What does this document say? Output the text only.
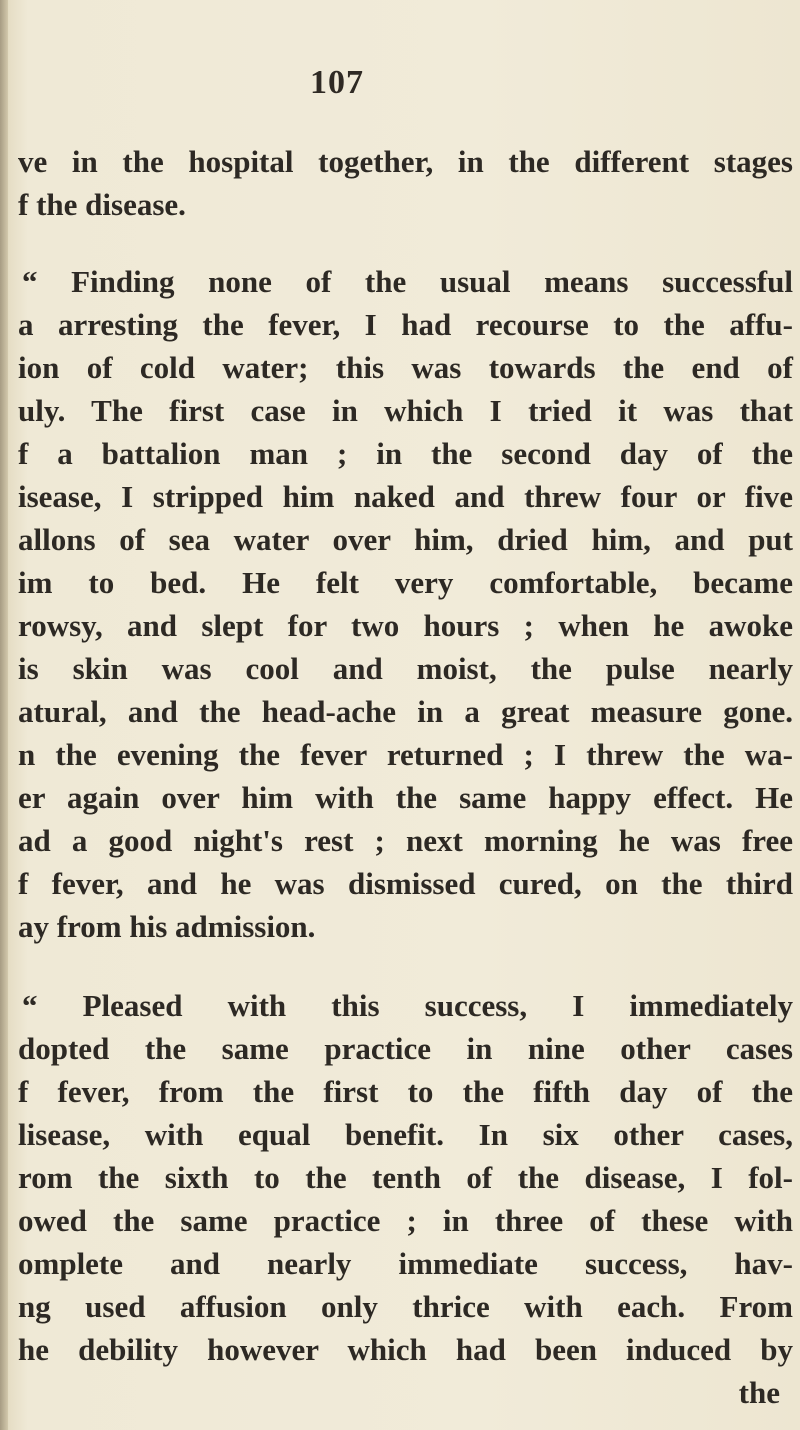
107
ve in the hospital together, in the different stages
f the disease.
“ Finding none of the usual means successful
a arresting the fever, I had recourse to the affu-
ion of cold water; this was towards the end of
uly. The first case in which I tried it was that
f a battalion man ; in the second day of the
isease, I stripped him naked and threw four or five
allons of sea water over him, dried him, and put
im to bed. He felt very comfortable, became
rowsy, and slept for two hours ; when he awoke
is skin was cool and moist, the pulse nearly
atural, and the head-ache in a great measure gone.
n the evening the fever returned ; I threw the wa-
er again over him with the same happy effect. He
ad a good night's rest ; next morning he was free
f fever, and he was dismissed cured, on the third
ay from his admission.
“ Pleased with this success, I immediately
dopted the same practice in nine other cases
f fever, from the first to the fifth day of the
lisease, with equal benefit. In six other cases,
rom the sixth to the tenth of the disease, I fol-
owed the same practice ; in three of these with
omplete and nearly immediate success, hav-
ng used affusion only thrice with each. From
he debility however which had been induced by
the
